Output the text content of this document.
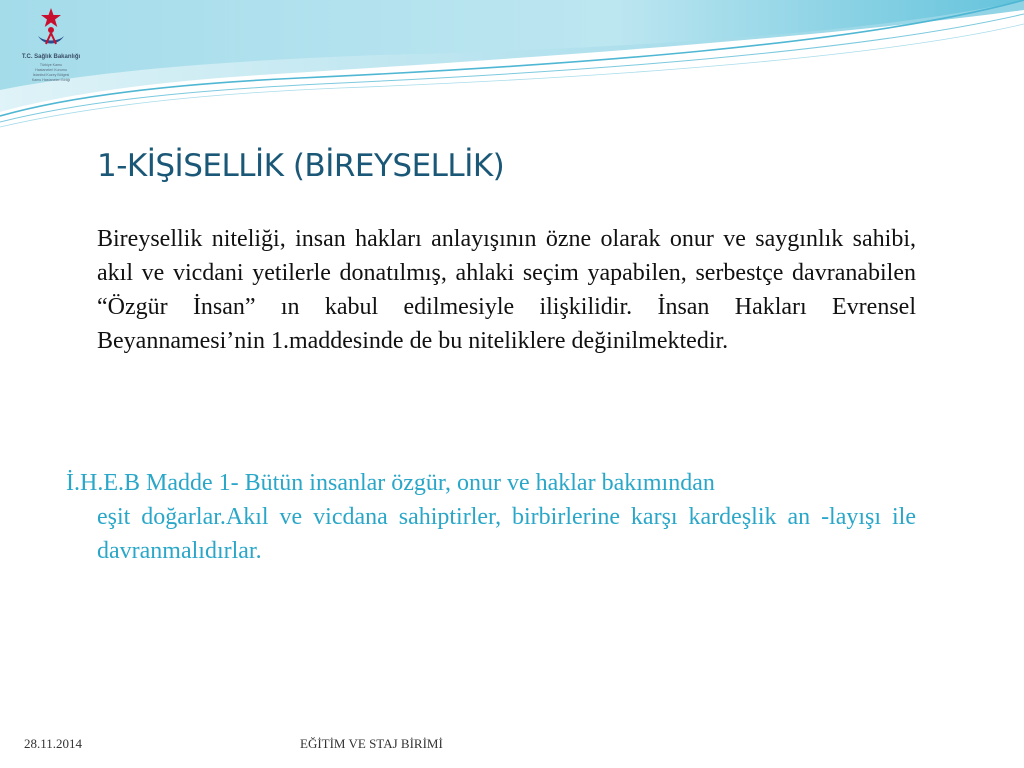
T.C. Sağlık Bakanlığı
Türkiye Kamu
Hastaneleri Kurumu
İstanbul Kuzey Bölgesi
Kamu Hastaneleri Birliği
1-KİŞİSELLİK (BİREYSELLİK)
Bireysellik niteliği, insan hakları anlayışının özne olarak onur ve saygınlık sahibi, akıl ve vicdani yetilerle donatılmış, ahlaki seçim yapabilen, serbestçe davranabilen “Özgür İnsan” ın kabul edilmesiyle ilişkilidir. İnsan Hakları Evrensel Beyannamesi’nin 1.maddesinde de bu niteliklere değinilmektedir.
İ.H.E.B Madde 1- Bütün insanlar özgür, onur ve haklar bakımından
eşit doğarlar.Akıl ve vicdana sahiptirler, birbirlerine karşı kardeşlik an -layışı ile davranmalıdırlar.
28.11.2014	EĞİTİM VE STAJ BİRİMİ
